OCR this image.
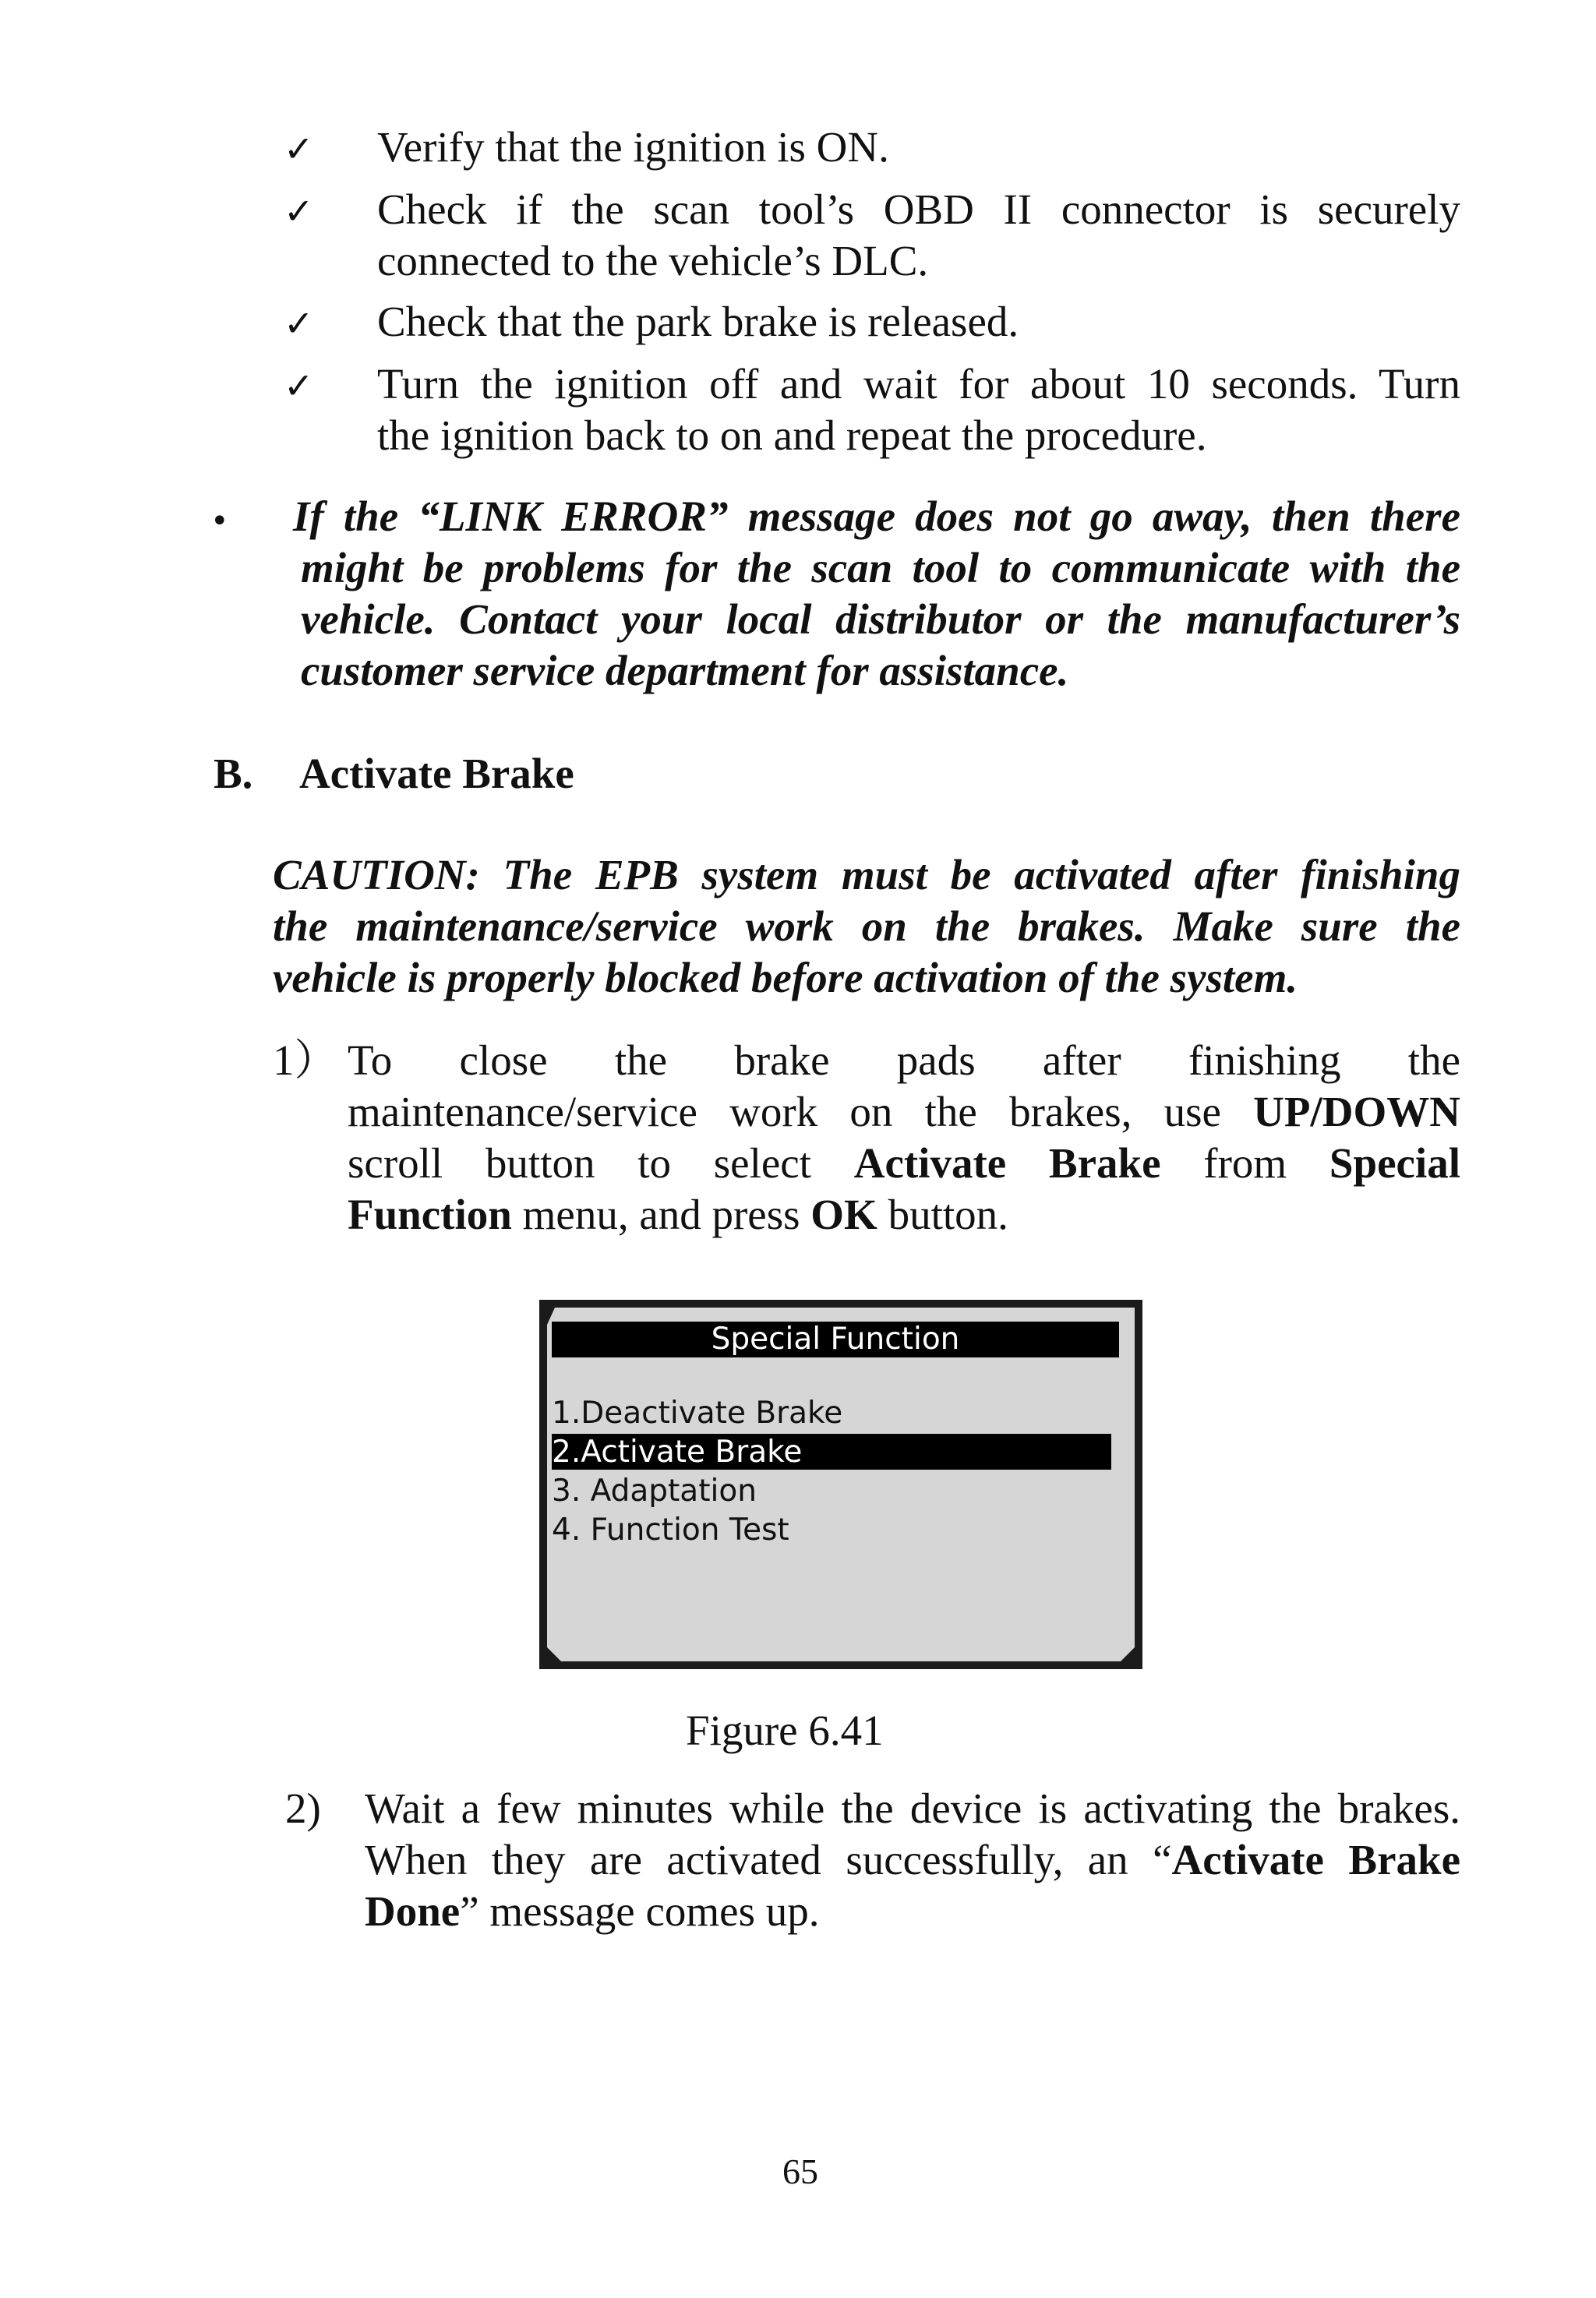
✓ Verify that the ignition is ON.
✓ Check if the scan tool’s OBD II connector is securely
connected to the vehicle’s DLC.
✓ Check that the park brake is released.
✓ Turn the ignition off and wait for about 10 seconds. Turn
the ignition back to on and repeat the procedure.
• If the “LINK ERROR” message does not go away, then there
might be problems for the scan tool to communicate with the
vehicle. Contact your local distributor or the manufacturer’s
customer service department for assistance.
B. Activate Brake
CAUTION: The EPB system must be activated after finishing
the maintenance/service work on the brakes. Make sure the
vehicle is properly blocked before activation of the system.
1） To close the brake pads after finishing the
maintenance/service work on the brakes, use UP/DOWN
scroll button to select Activate Brake from Special
Function menu, and press OK button.
Special Function
1.Deactivate Brake
2.Activate Brake
3. Adaptation
4. Function Test
Figure 6.41
2) Wait a few minutes while the device is activating the brakes.
When they are activated successfully, an “Activate Brake
Done” message comes up.
65
